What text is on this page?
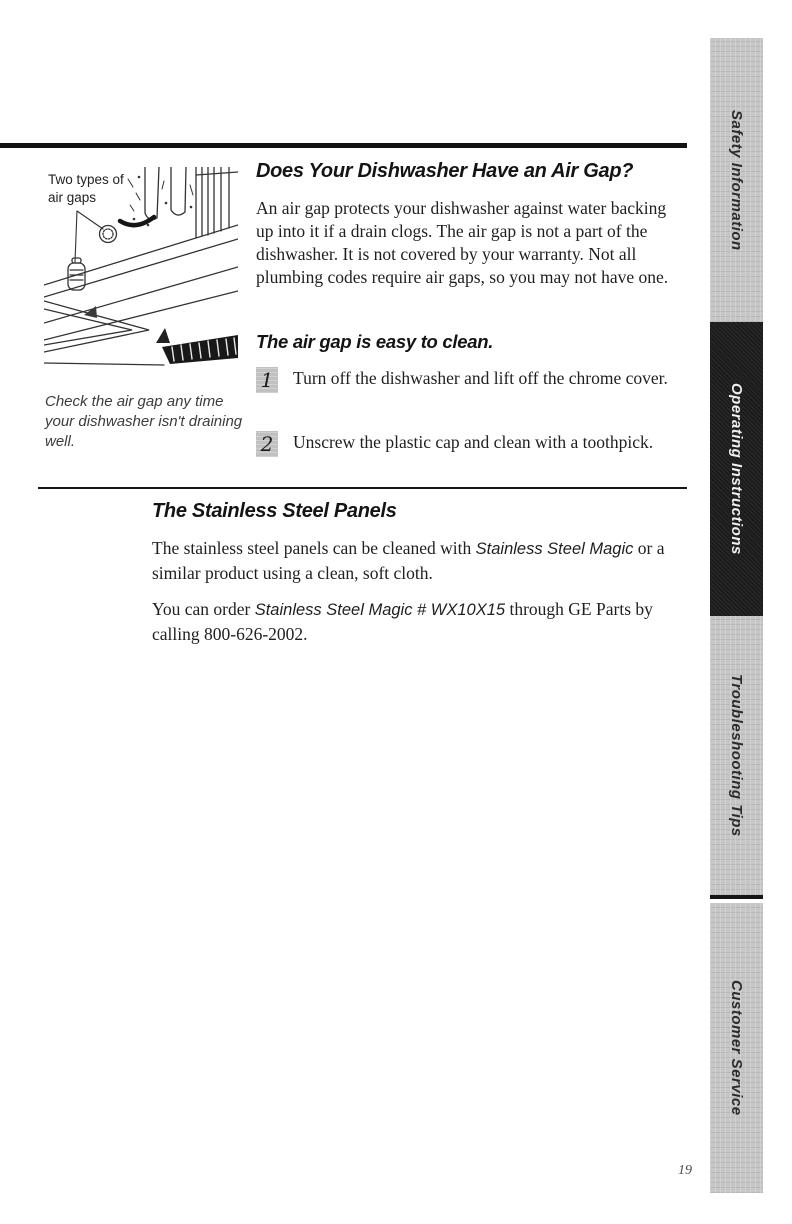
Safety Information
Operating Instructions
Troubleshooting Tips
Customer Service
Two types of
air gaps

Check the air gap any time your dishwasher isn't draining well.

Does Your Dishwasher Have an Air Gap?

An air gap protects your dishwasher against water backing up into it if a drain clogs. The air gap is not a part of the dishwasher. It is not covered by your warranty. Not all plumbing codes require air gaps, so you may not have one.

The air gap is easy to clean.
1 Turn off the dishwasher and lift off the chrome cover.
2 Unscrew the plastic cap and clean with a toothpick.
The Stainless Steel Panels

The stainless steel panels can be cleaned with Stainless Steel Magic or a similar product using a clean, soft cloth.

You can order Stainless Steel Magic # WX10X15 through GE Parts by calling 800-626-2002.

19
